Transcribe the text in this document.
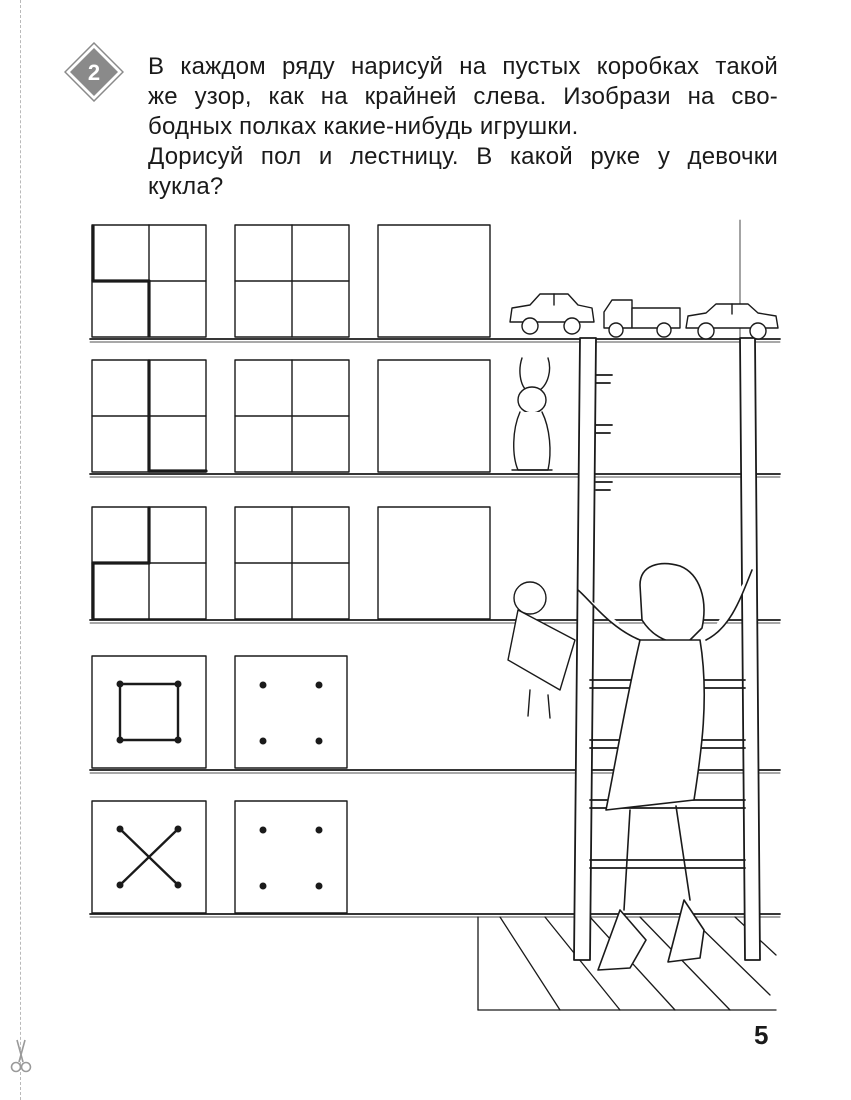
2 В каждом ряду нарисуй на пустых коробках такой

же узор, как на крайней слева. Изобрази на сво-

бодных полках какие-нибудь игрушки.

Дорисуй пол и лестницу. В какой руке у девочки

кукла?

5
